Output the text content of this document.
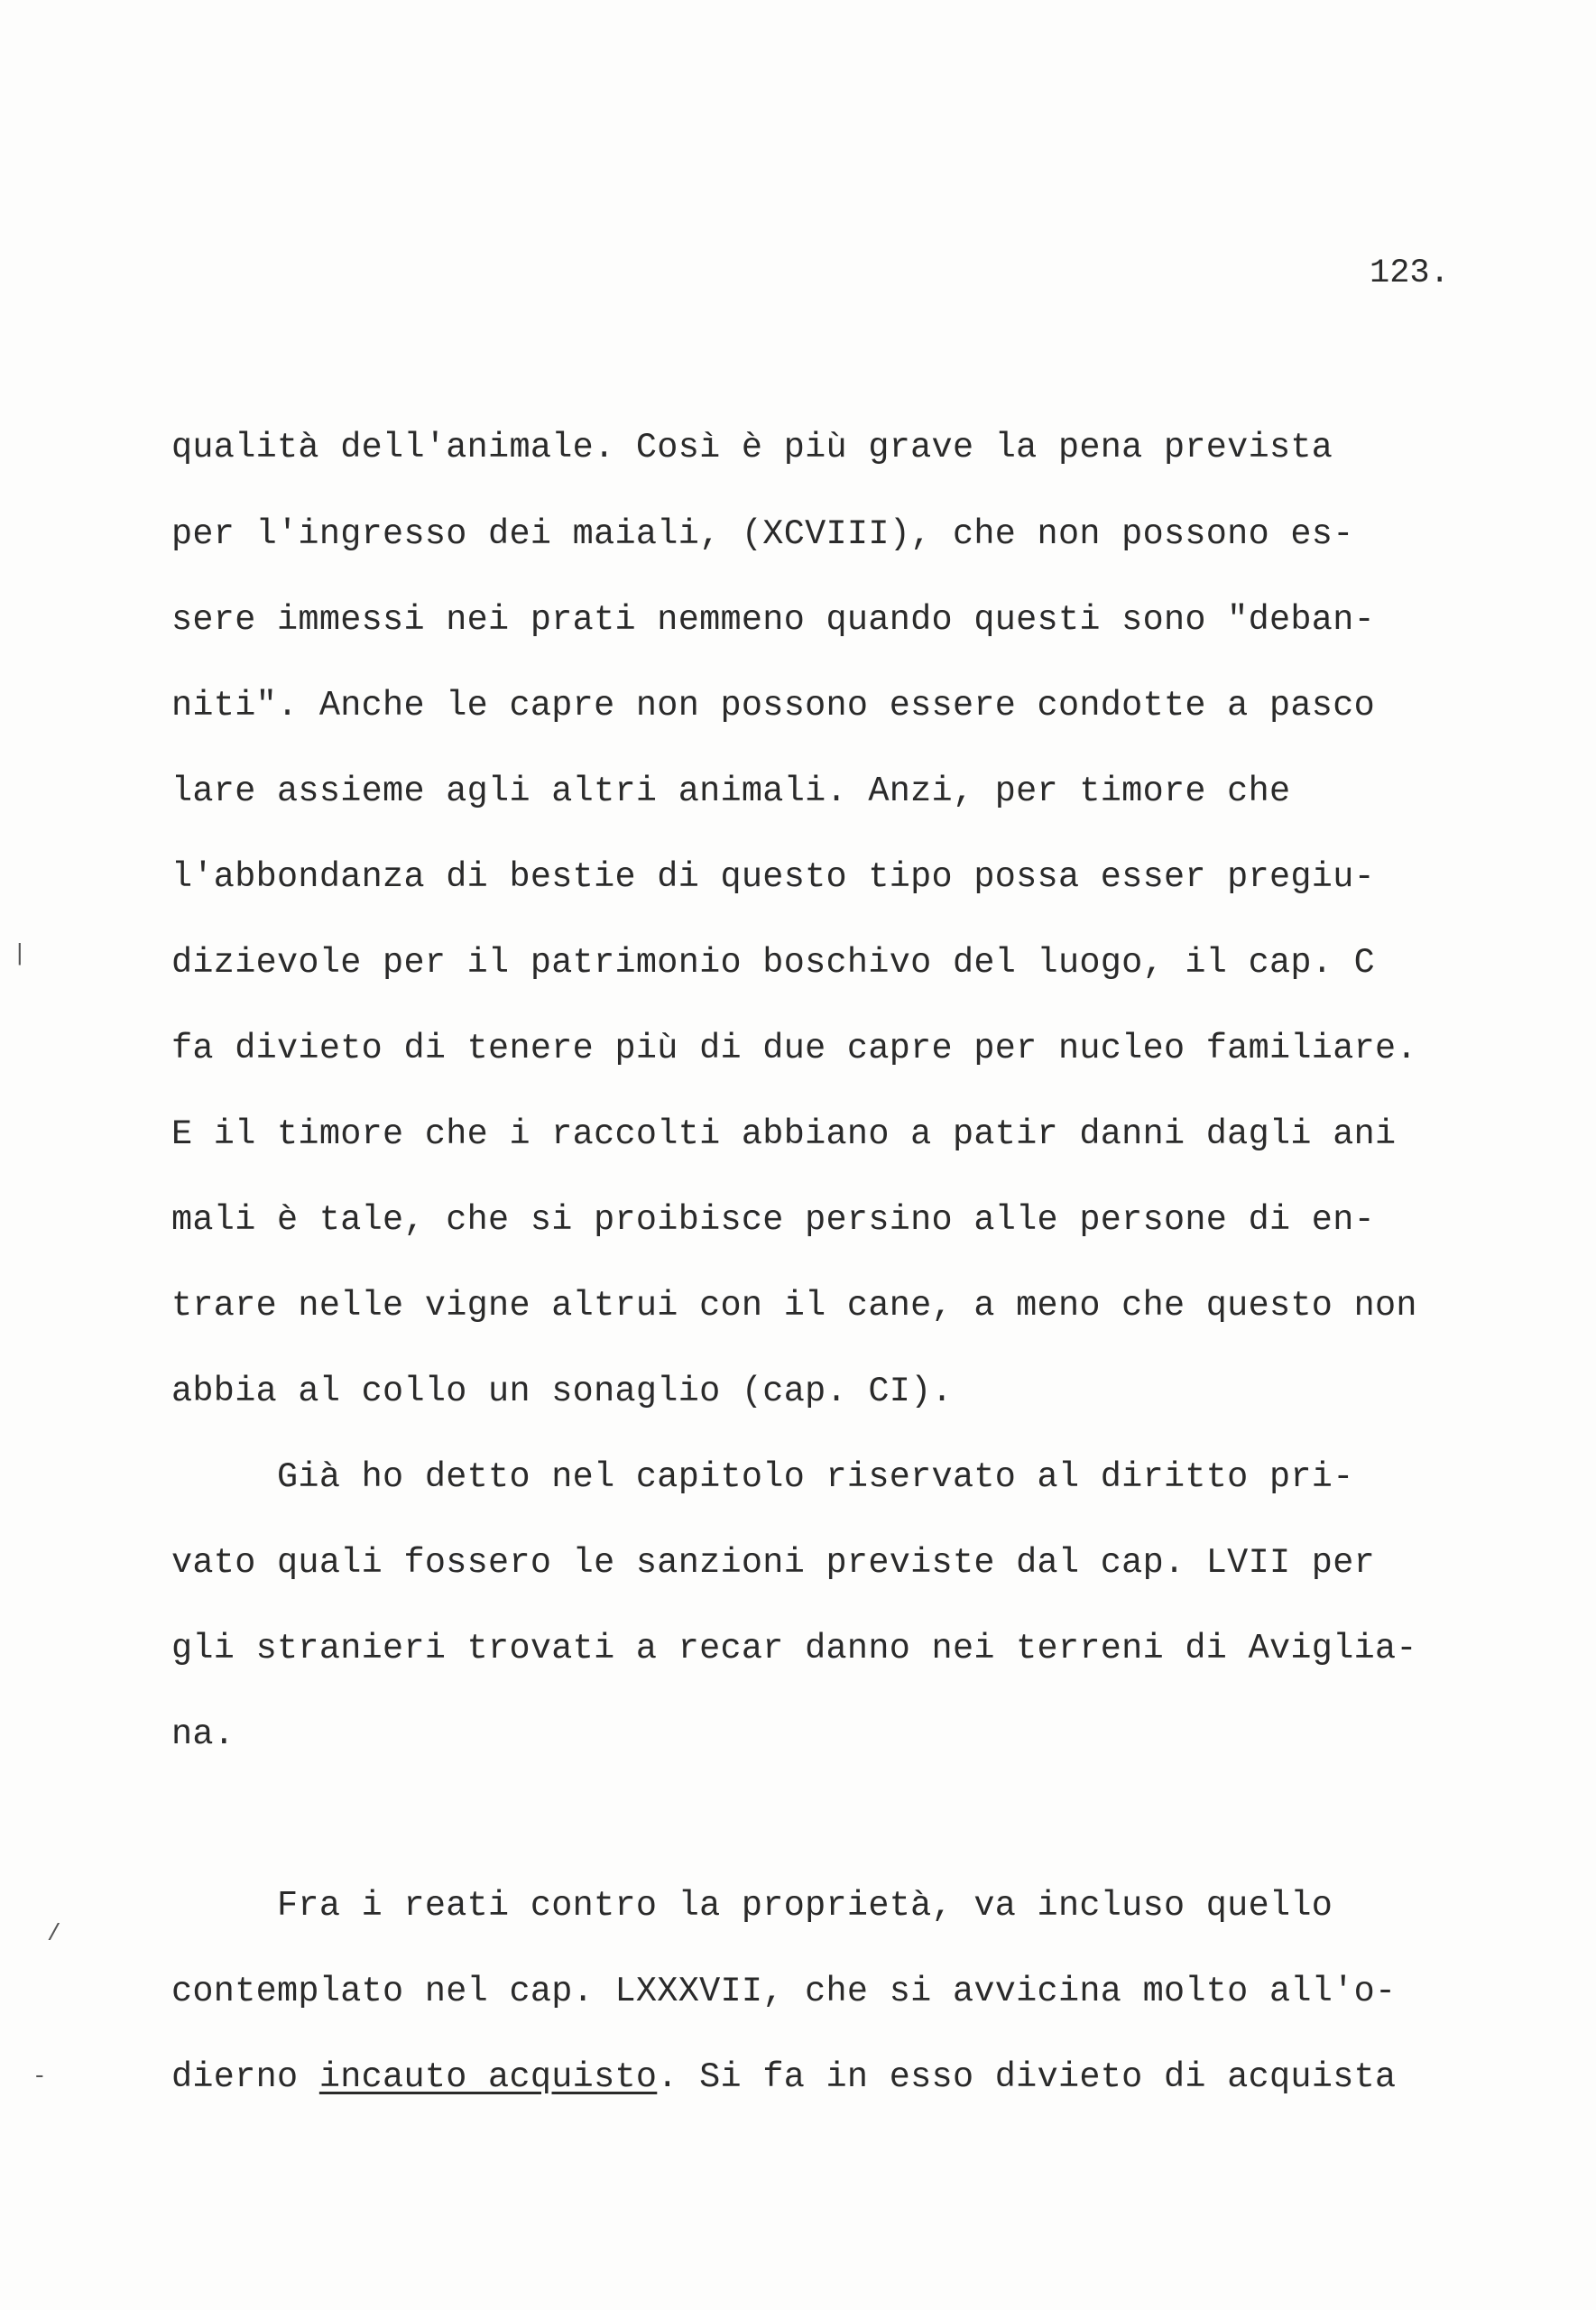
123.
qualità dell'animale. Così è più grave la pena prevista
per l'ingresso dei maiali, (XCVIII), che non possono es-
sere immessi nei prati nemmeno quando questi sono "deban-
niti". Anche le capre non possono essere condotte a pasco
lare assieme agli altri animali. Anzi, per timore che
l'abbondanza di bestie di questo tipo possa esser pregiu-
dizievole per il patrimonio boschivo del luogo, il cap. C
fa divieto di tenere più di due capre per nucleo familiare.
E il timore che i raccolti abbiano a patir danni dagli ani
mali è tale, che si proibisce persino alle persone di en-
trare nelle vigne altrui con il cane, a meno che questo non
abbia al collo un sonaglio (cap. CI).
Già ho detto nel capitolo riservato al diritto pri-
vato quali fossero le sanzioni previste dal cap. LVII per
gli stranieri trovati a recar danno nei terreni di Aviglia-
na.
Fra i reati contro la proprietà, va incluso quello
contemplato nel cap. LXXXVII, che si avvicina molto all'o-
dierno incauto acquisto. Si fa in esso divieto di acquista
|
/
-
